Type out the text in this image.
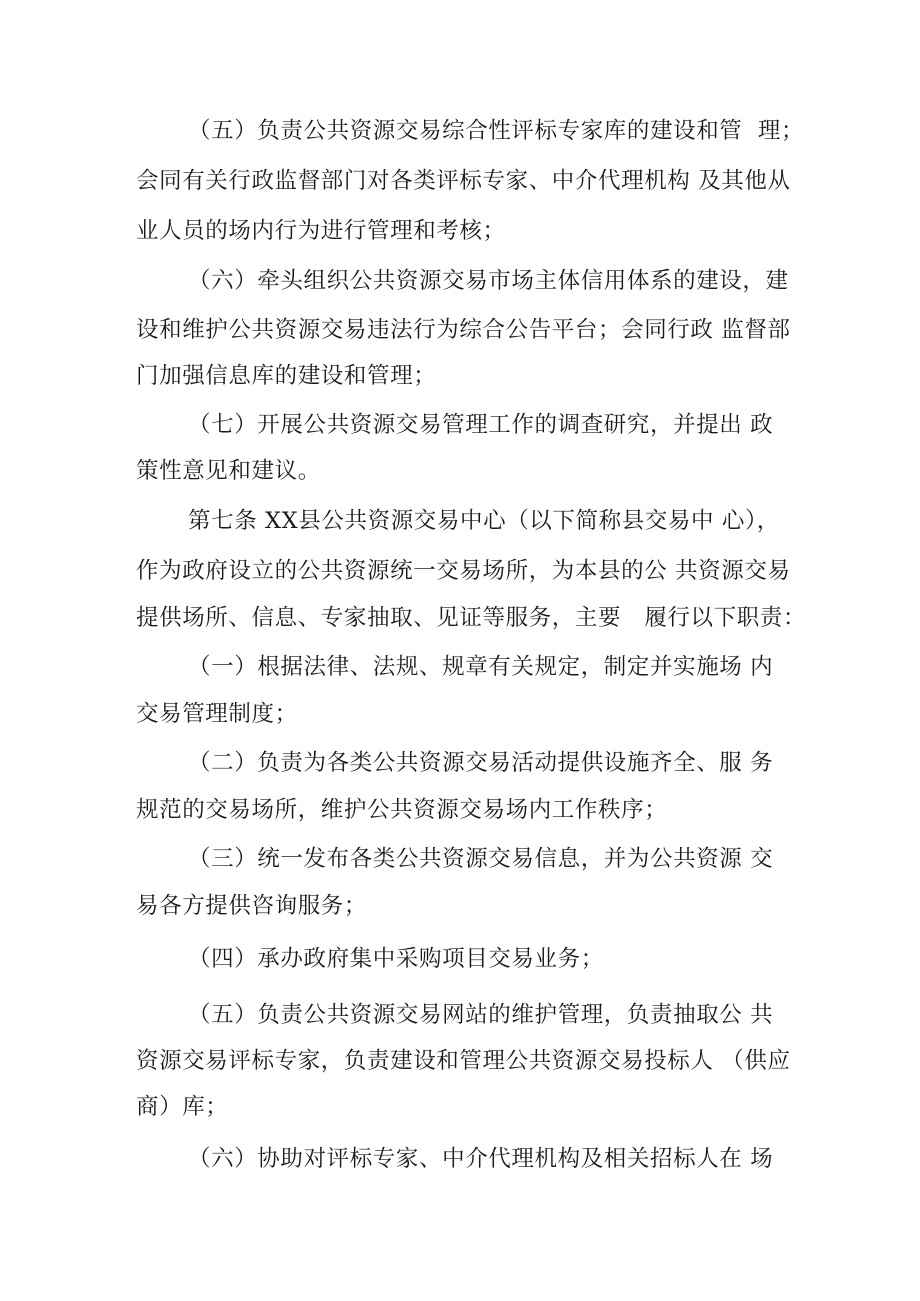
（五）负责公共资源交易综合性评标专家库的建设和管  理；
会同有关行政监督部门对各类评标专家、中介代理机构 及其他从
业人员的场内行为进行管理和考核；
（六）牵头组织公共资源交易市场主体信用体系的建设，建
设和维护公共资源交易违法行为综合公告平台；会同行政 监督部
门加强信息库的建设和管理；
（七）开展公共资源交易管理工作的调查研究，并提出 政
策性意见和建议。
第七条 XX县公共资源交易中心（以下简称县交易中 心），
作为政府设立的公共资源统一交易场所，为本县的公 共资源交易
提供场所、信息、专家抽取、见证等服务，主要   履行以下职责：
（一）根据法律、法规、规章有关规定，制定并实施场 内
交易管理制度；
（二）负责为各类公共资源交易活动提供设施齐全、服 务
规范的交易场所，维护公共资源交易场内工作秩序；
（三）统一发布各类公共资源交易信息，并为公共资源 交
易各方提供咨询服务；
（四）承办政府集中采购项目交易业务；
（五）负责公共资源交易网站的维护管理，负责抽取公 共
资源交易评标专家，负责建设和管理公共资源交易投标人 （供应
商）库；
（六）协助对评标专家、中介代理机构及相关招标人在 场
